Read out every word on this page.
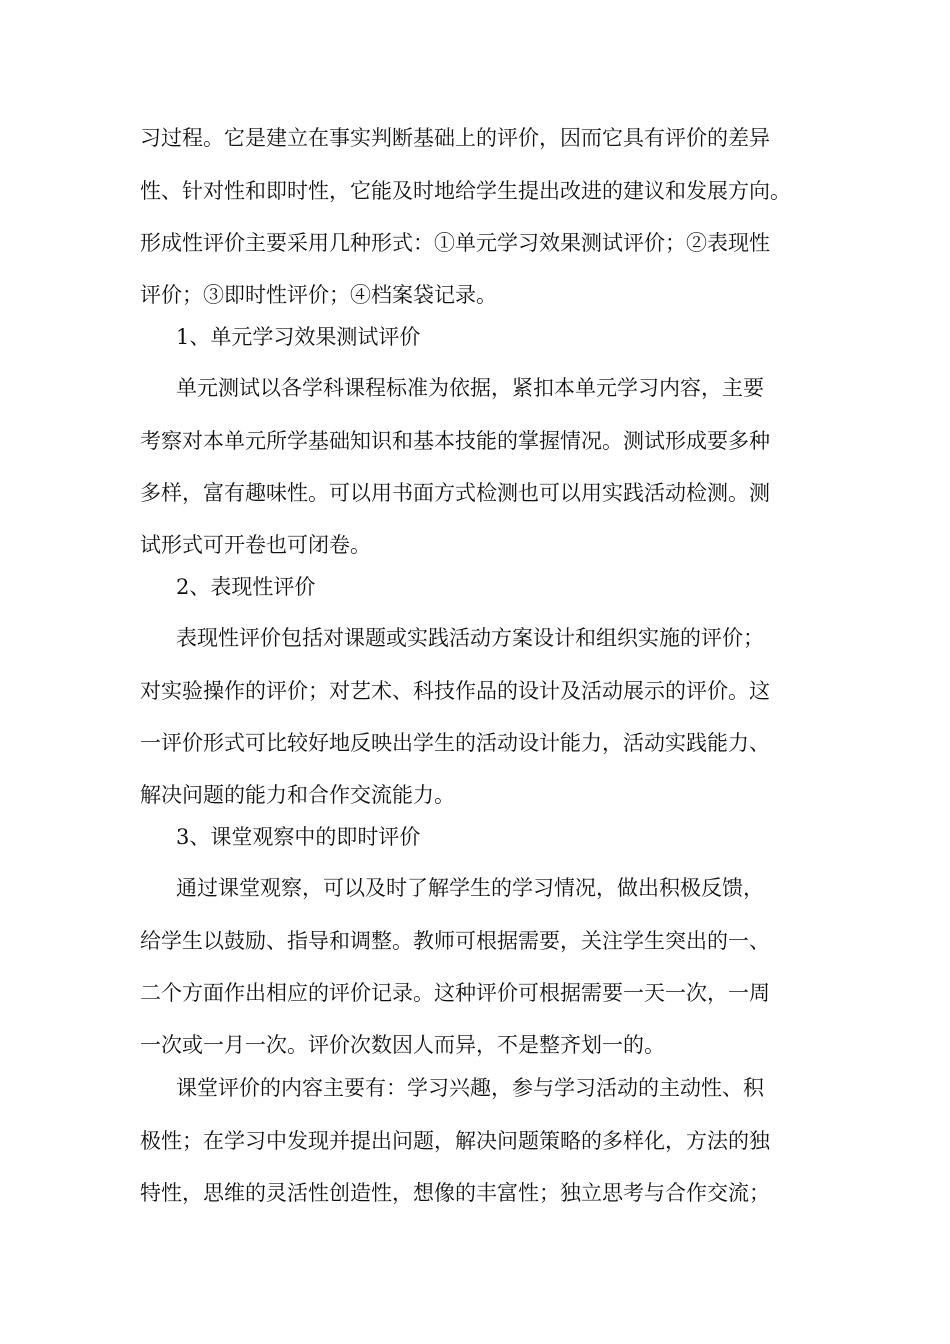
习过程。它是建立在事实判断基础上的评价，因而它具有评价的差异
性、针对性和即时性，它能及时地给学生提出改进的建议和发展方向。
形成性评价主要采用几种形式：①单元学习效果测试评价；②表现性
评价；③即时性评价；④档案袋记录。
1、单元学习效果测试评价
单元测试以各学科课程标准为依据，紧扣本单元学习内容，主要
考察对本单元所学基础知识和基本技能的掌握情况。测试形成要多种
多样，富有趣味性。可以用书面方式检测也可以用实践活动检测。测
试形式可开卷也可闭卷。
2、表现性评价
表现性评价包括对课题或实践活动方案设计和组织实施的评价；
对实验操作的评价；对艺术、科技作品的设计及活动展示的评价。这
一评价形式可比较好地反映出学生的活动设计能力，活动实践能力、
解决问题的能力和合作交流能力。
3、课堂观察中的即时评价
通过课堂观察，可以及时了解学生的学习情况，做出积极反馈，
给学生以鼓励、指导和调整。教师可根据需要，关注学生突出的一、
二个方面作出相应的评价记录。这种评价可根据需要一天一次，一周
一次或一月一次。评价次数因人而异，不是整齐划一的。
课堂评价的内容主要有：学习兴趣，参与学习活动的主动性、积
极性；在学习中发现并提出问题，解决问题策略的多样化，方法的独
特性，思维的灵活性创造性，想像的丰富性；独立思考与合作交流；
